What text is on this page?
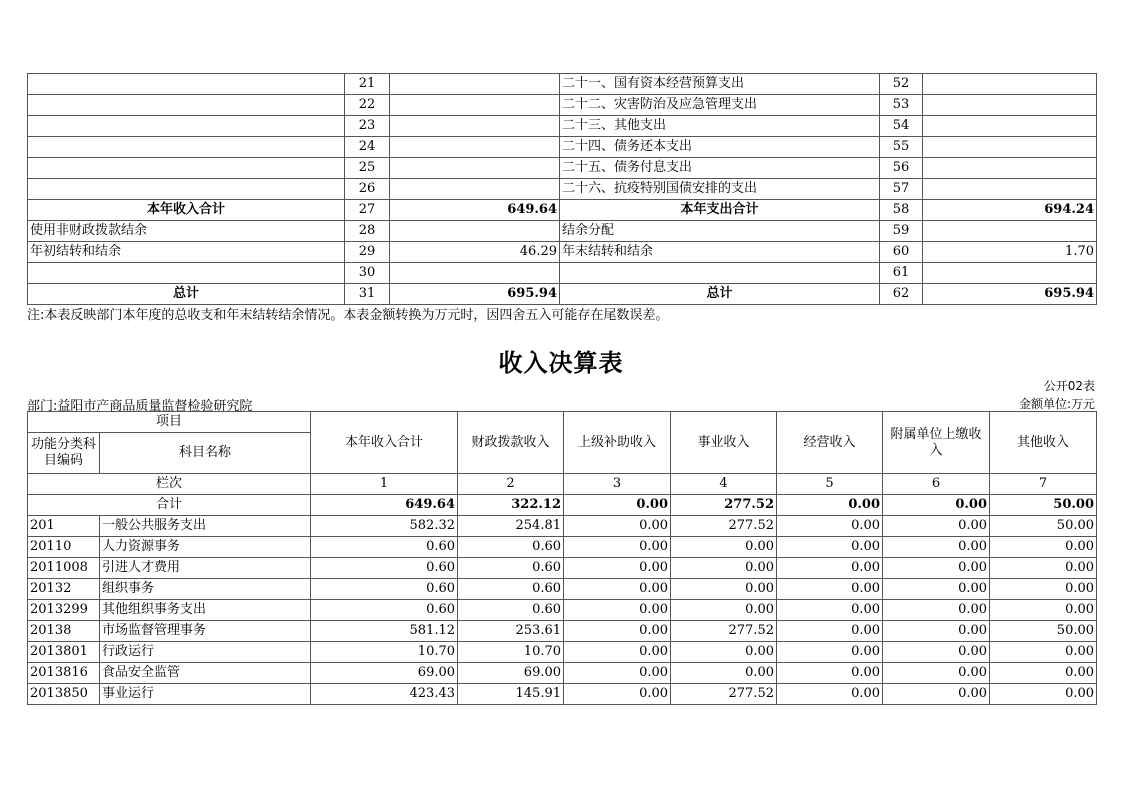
	21		二十一、国有资本经营预算支出	52	
	22		二十二、灾害防治及应急管理支出	53	
	23		二十三、其他支出	54	
	24		二十四、债务还本支出	55	
	25		二十五、债务付息支出	56	
	26		二十六、抗疫特别国债安排的支出	57	
本年收入合计	27	649.64	本年支出合计	58	694.24
使用非财政拨款结余	28		结余分配	59	
年初结转和结余	29	46.29	年末结转和结余	60	1.70
	30			61	
总计	31	695.94	总计	62	695.94
注:本表反映部门本年度的总收支和年末结转结余情况。本表金额转换为万元时，因四舍五入可能存在尾数误差。
收入决算表
公开02表
部门:益阳市产商品质量监督检验研究院	金额单位:万元
项目		本年收入合计	财政拨款收入	上级补助收入	事业收入	经营收入	附属单位上缴收入	其他收入
功能分类科目编码	科目名称							
栏次		1	2	3	4	5	6	7
合计		649.64	322.12	0.00	277.52	0.00	0.00	50.00
201	一般公共服务支出	582.32	254.81	0.00	277.52	0.00	0.00	50.00
20110	人力资源事务	0.60	0.60	0.00	0.00	0.00	0.00	0.00
2011008	引进人才费用	0.60	0.60	0.00	0.00	0.00	0.00	0.00
20132	组织事务	0.60	0.60	0.00	0.00	0.00	0.00	0.00
2013299	其他组织事务支出	0.60	0.60	0.00	0.00	0.00	0.00	0.00
20138	市场监督管理事务	581.12	253.61	0.00	277.52	0.00	0.00	50.00
2013801	行政运行	10.70	10.70	0.00	0.00	0.00	0.00	0.00
2013816	食品安全监管	69.00	69.00	0.00	0.00	0.00	0.00	0.00
2013850	事业运行	423.43	145.91	0.00	277.52	0.00	0.00	0.00
